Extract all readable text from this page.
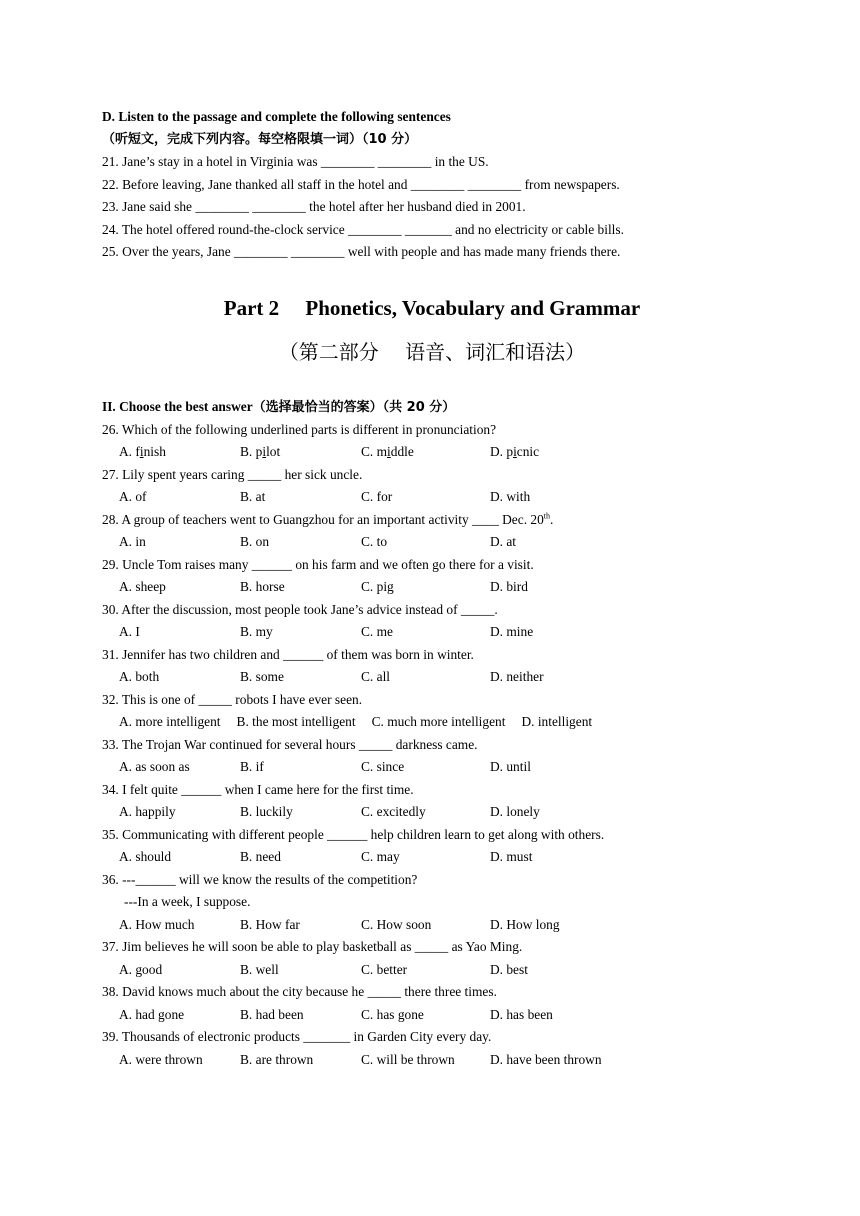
D. Listen to the passage and complete the following sentences（听短文，完成下列内容。每空格限填一词）（10 分）
21. Jane’s stay in a hotel in Virginia was ________ ________ in the US.
22. Before leaving, Jane thanked all staff in the hotel and ________ ________ from newspapers.
23. Jane said she ________ ________ the hotel after her husband died in 2001.
24. The hotel offered round-the-clock service ________ _______ and no electricity or cable bills.
25. Over the years, Jane ________ ________ well with people and has made many friends there.
Part 2  Phonetics, Vocabulary and Grammar
（第二部分　 语音、词汇和语法）
II. Choose the best answer（选择最恰当的答案）（共 20 分）
26. Which of the following underlined parts is different in pronunciation?
A. finish	B. pilot	C. middle	D. picnic
27. Lily spent years caring _____ her sick uncle.
A. of	B. at	C. for	D. with
28. A group of teachers went to Guangzhou for an important activity ____ Dec. 20th.
A. in	B. on	C. to	D. at
29. Uncle Tom raises many ______ on his farm and we often go there for a visit.
A. sheep	B. horse	C. pig	D. bird
30. After the discussion, most people took Jane’s advice instead of _____.
A. I	B. my	C. me	D. mine
31. Jennifer has two children and ______ of them was born in winter.
A. both	B. some	C. all	D. neither
32. This is one of _____ robots I have ever seen.
A. more intelligent B. the most intelligent C. much more intelligent D. intelligent
33. The Trojan War continued for several hours _____ darkness came.
A. as soon as	B. if	C. since	D. until
34. I felt quite ______ when I came here for the first time.
A. happily	B. luckily	C. excitedly	D. lonely
35. Communicating with different people ______ help children learn to get along with others.
A. should	B. need	C. may	D. must
36. ---______ will we know the results of the competition?
---In a week, I suppose.
A. How much	B. How far	C. How soon	D. How long
37. Jim believes he will soon be able to play basketball as _____ as Yao Ming.
A. good	B. well	C. better	D. best
38. David knows much about the city because he _____ there three times.
A. had gone	B. had been	C. has gone	D. has been
39. Thousands of electronic products _______ in Garden City every day.
A. were thrown	B. are thrown	C. will be thrown	D. have been thrown
